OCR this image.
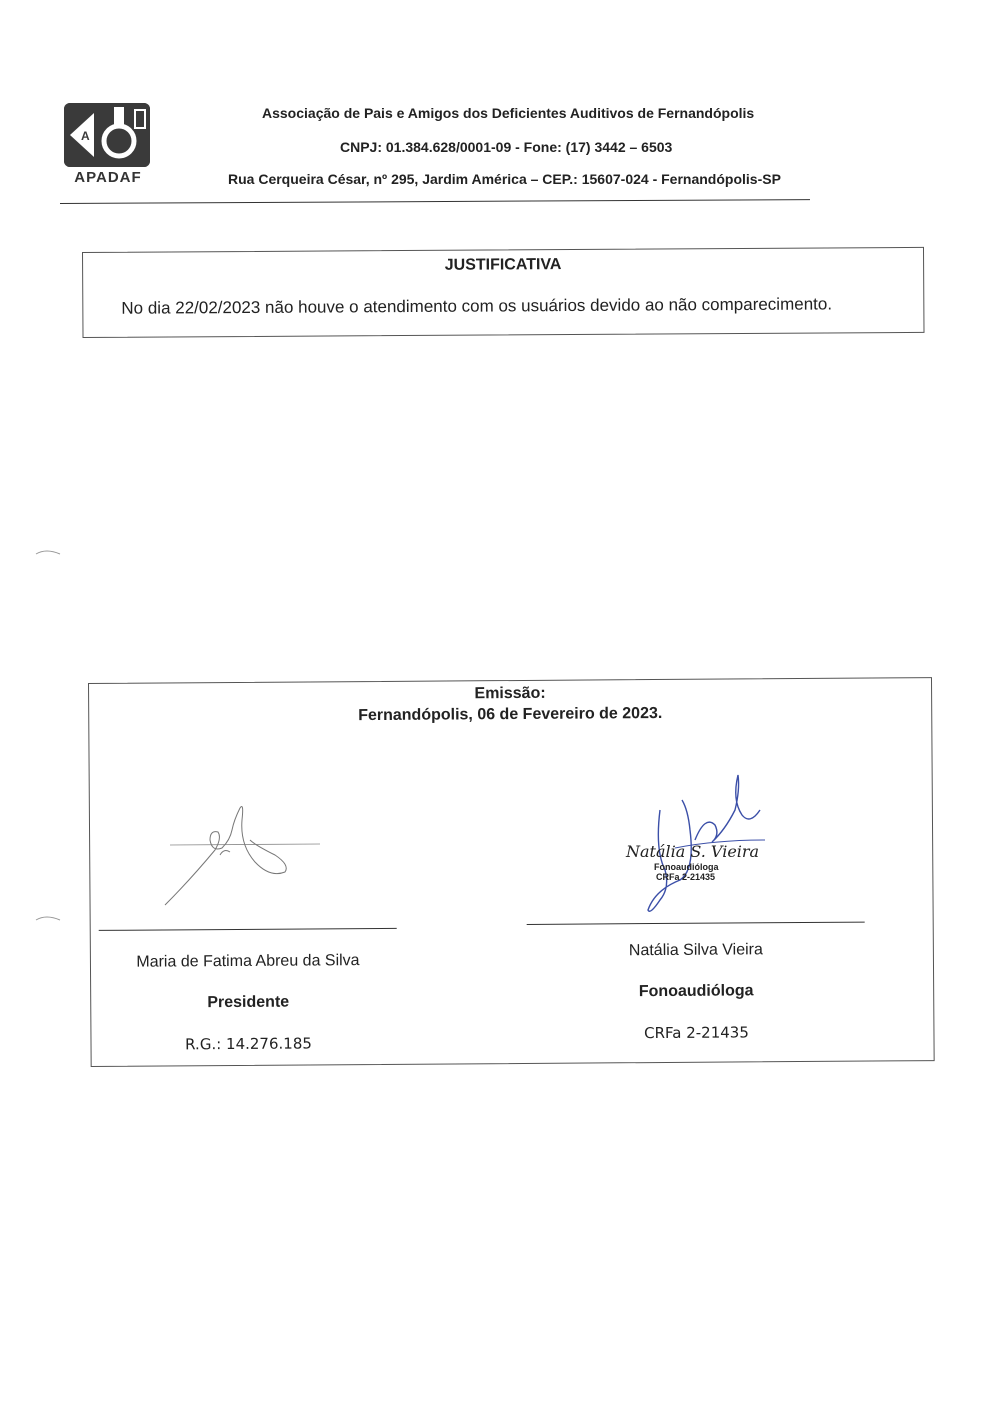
A
APADAF
Associação de Pais e Amigos dos Deficientes Auditivos de Fernandópolis
CNPJ: 01.384.628/0001-09 - Fone: (17) 3442 – 6503
Rua Cerqueira César, nº 295, Jardim América – CEP.: 15607-024 - Fernandópolis-SP
JUSTIFICATIVA
No dia 22/02/2023 não houve o atendimento com os usuários devido ao não comparecimento.
Emissão:
Fernandópolis, 06 de Fevereiro de 2023.
Maria de Fatima Abreu da Silva
Presidente
R.G.: 14.276.185
Natália Silva Vieira
Fonoaudióloga
CRFa 2-21435
Natália S. Vieira
Fonoaudióloga
CRFa 2-21435
